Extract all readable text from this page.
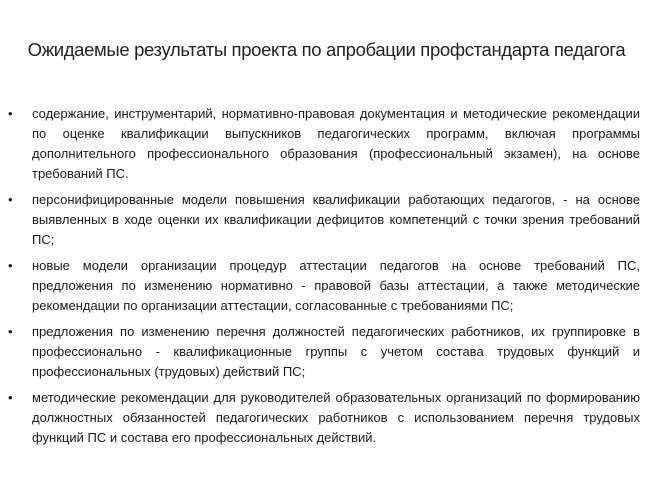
Ожидаемые результаты проекта по апробации профстандарта педагога
•	содержание, инструментарий, нормативно-правовая документация и методические рекомендации по оценке квалификации выпускников педагогических программ, включая программы дополнительного профессионального образования (профессиональный экзамен), на основе требований ПС.
•	персонифицированные модели повышения квалификации работающих педагогов, - на основе выявленных в ходе оценки их квалификации дефицитов компетенций с точки зрения требований ПС;
•	новые модели организации процедур аттестации педагогов на основе требований ПС, предложения по изменению нормативно - правовой базы аттестации, а также методические рекомендации по организации аттестации, согласованные с требованиями ПС;
•	предложения по изменению перечня должностей педагогических работников, их группировке в профессионально - квалификационные группы с учетом состава трудовых функций и профессиональных (трудовых) действий ПС;
•	методические рекомендации для руководителей образовательных организаций по формированию должностных обязанностей педагогических работников с использованием перечня трудовых функций ПС и состава его профессиональных действий.
